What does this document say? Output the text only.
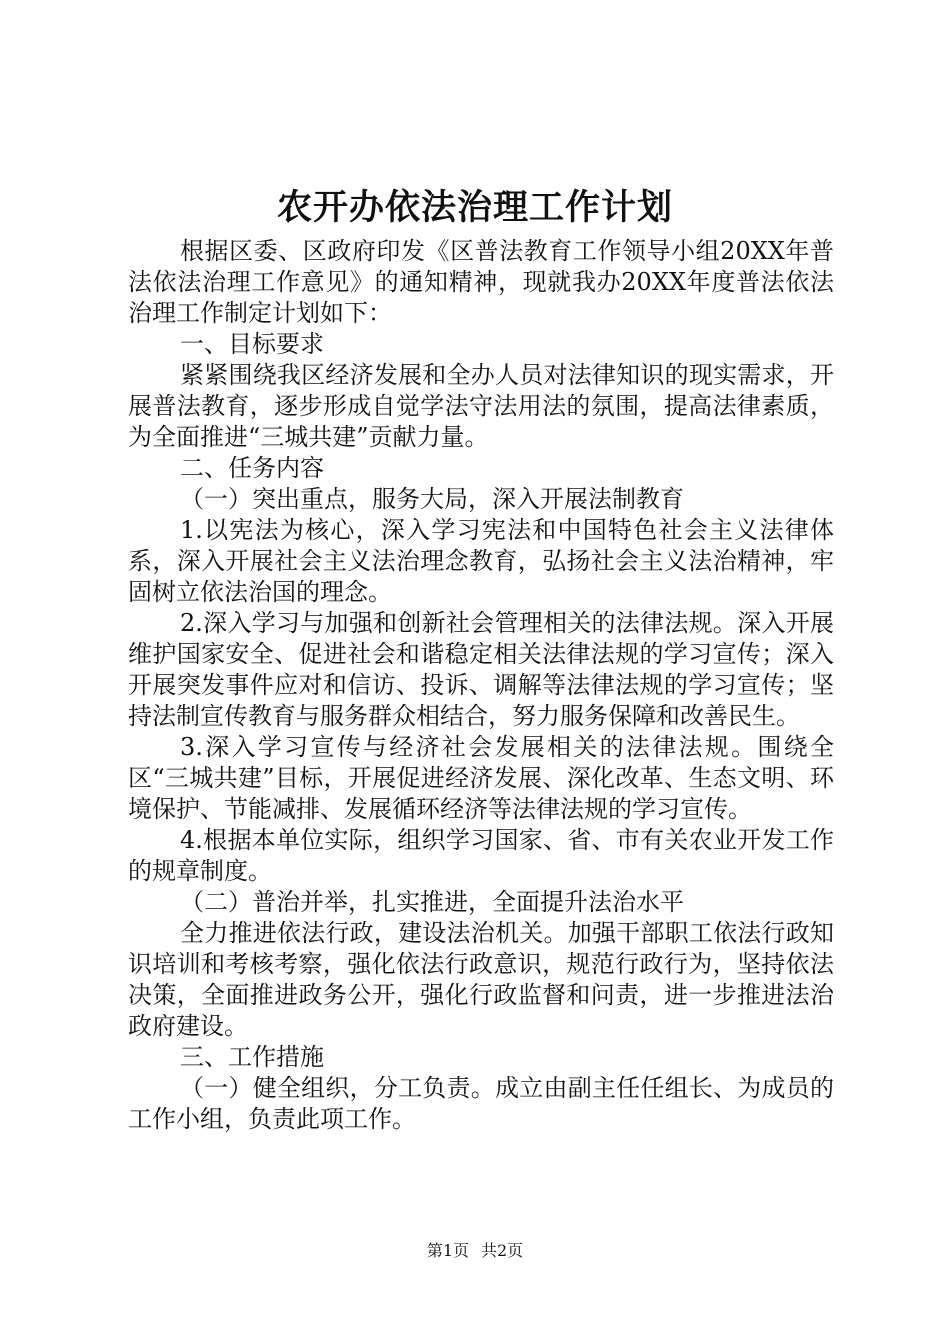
农开办依法治理工作计划

根据区委、区政府印发《区普法教育工作领导小组20XX年普法依法治理工作意见》的通知精神，现就我办20XX年度普法依法治理工作制定计划如下：

一、目标要求

紧紧围绕我区经济发展和全办人员对法律知识的现实需求，开展普法教育，逐步形成自觉学法守法用法的氛围，提高法律素质，为全面推进“三城共建”贡献力量。

二、任务内容

（一）突出重点，服务大局，深入开展法制教育

1.以宪法为核心，深入学习宪法和中国特色社会主义法律体系，深入开展社会主义法治理念教育，弘扬社会主义法治精神，牢固树立依法治国的理念。

2.深入学习与加强和创新社会管理相关的法律法规。深入开展维护国家安全、促进社会和谐稳定相关法律法规的学习宣传；深入开展突发事件应对和信访、投诉、调解等法律法规的学习宣传；坚持法制宣传教育与服务群众相结合，努力服务保障和改善民生。

3.深入学习宣传与经济社会发展相关的法律法规。围绕全区“三城共建”目标，开展促进经济发展、深化改革、生态文明、环境保护、节能减排、发展循环经济等法律法规的学习宣传。

4.根据本单位实际，组织学习国家、省、市有关农业开发工作的规章制度。

（二）普治并举，扎实推进，全面提升法治水平

全力推进依法行政，建设法治机关。加强干部职工依法行政知识培训和考核考察，强化依法行政意识，规范行政行为，坚持依法决策，全面推进政务公开，强化行政监督和问责，进一步推进法治政府建设。

三、工作措施

（一）健全组织，分工负责。成立由副主任任组长、为成员的工作小组，负责此项工作。

第1页 共2页
